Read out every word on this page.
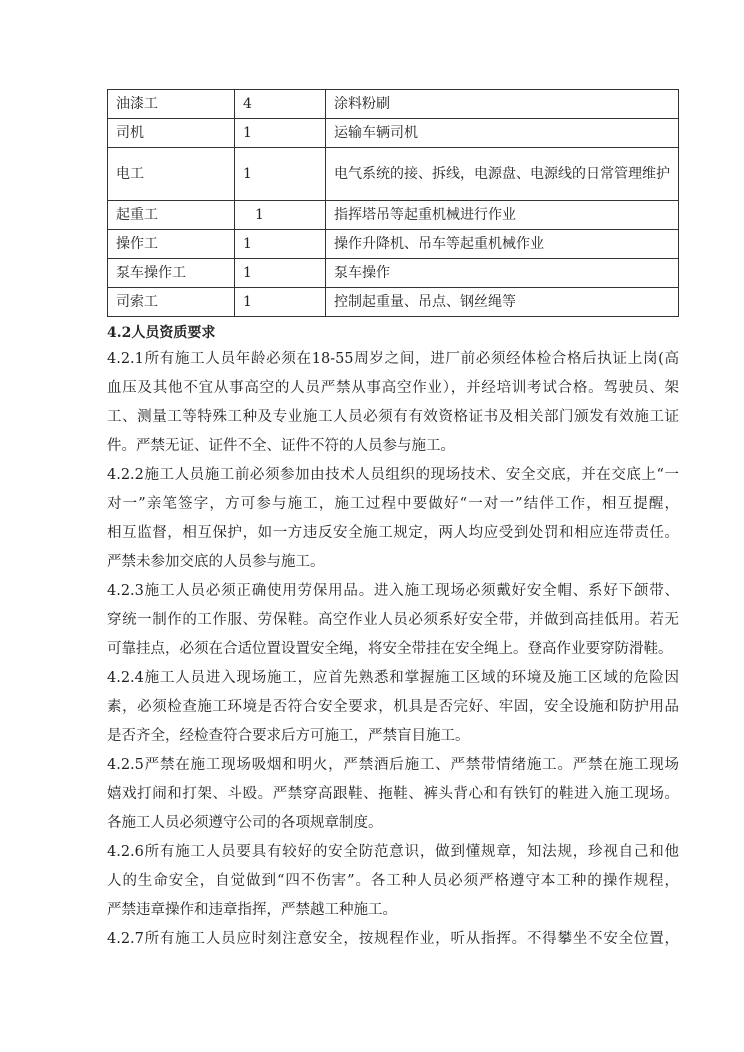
油漆工	4	涂料粉刷
司机	1	运输车辆司机
电工	1	电气系统的接、拆线，电源盘、电源线的日常管理维护
起重工	1	指挥塔吊等起重机械进行作业
操作工	1	操作升降机、吊车等起重机械作业
泵车操作工	1	泵车操作
司索工	1	控制起重量、吊点、钢丝绳等
4.2人员资质要求
4.2.1所有施工人员年龄必须在18-55周岁之间，进厂前必须经体检合格后执证上岗(高
血压及其他不宜从事高空的人员严禁从事高空作业），并经培训考试合格。驾驶员、架
工、测量工等特殊工种及专业施工人员必须有有效资格证书及相关部门颁发有效施工证
件。严禁无证、证件不全、证件不符的人员参与施工。
4.2.2施工人员施工前必须参加由技术人员组织的现场技术、安全交底，并在交底上“一
对一”亲笔签字，方可参与施工，施工过程中要做好“一对一”结伴工作，相互提醒，
相互监督，相互保护，如一方违反安全施工规定，两人均应受到处罚和相应连带责任。
严禁未参加交底的人员参与施工。
4.2.3施工人员必须正确使用劳保用品。进入施工现场必须戴好安全帽、系好下颌带、
穿统一制作的工作服、劳保鞋。高空作业人员必须系好安全带，并做到高挂低用。若无
可靠挂点，必须在合适位置设置安全绳，将安全带挂在安全绳上。登高作业要穿防滑鞋。
4.2.4施工人员进入现场施工，应首先熟悉和掌握施工区域的环境及施工区域的危险因
素，必须检查施工环境是否符合安全要求，机具是否完好、牢固，安全设施和防护用品
是否齐全，经检查符合要求后方可施工，严禁盲目施工。
4.2.5严禁在施工现场吸烟和明火，严禁酒后施工、严禁带情绪施工。严禁在施工现场
嬉戏打闹和打架、斗殴。严禁穿高跟鞋、拖鞋、裤头背心和有铁钉的鞋进入施工现场。
各施工人员必须遵守公司的各项规章制度。
4.2.6所有施工人员要具有较好的安全防范意识，做到懂规章，知法规，珍视自己和他
人的生命安全，自觉做到“四不伤害”。各工种人员必须严格遵守本工种的操作规程，
严禁违章操作和违章指挥，严禁越工种施工。
4.2.7所有施工人员应时刻注意安全，按规程作业，听从指挥。不得攀坐不安全位置，
